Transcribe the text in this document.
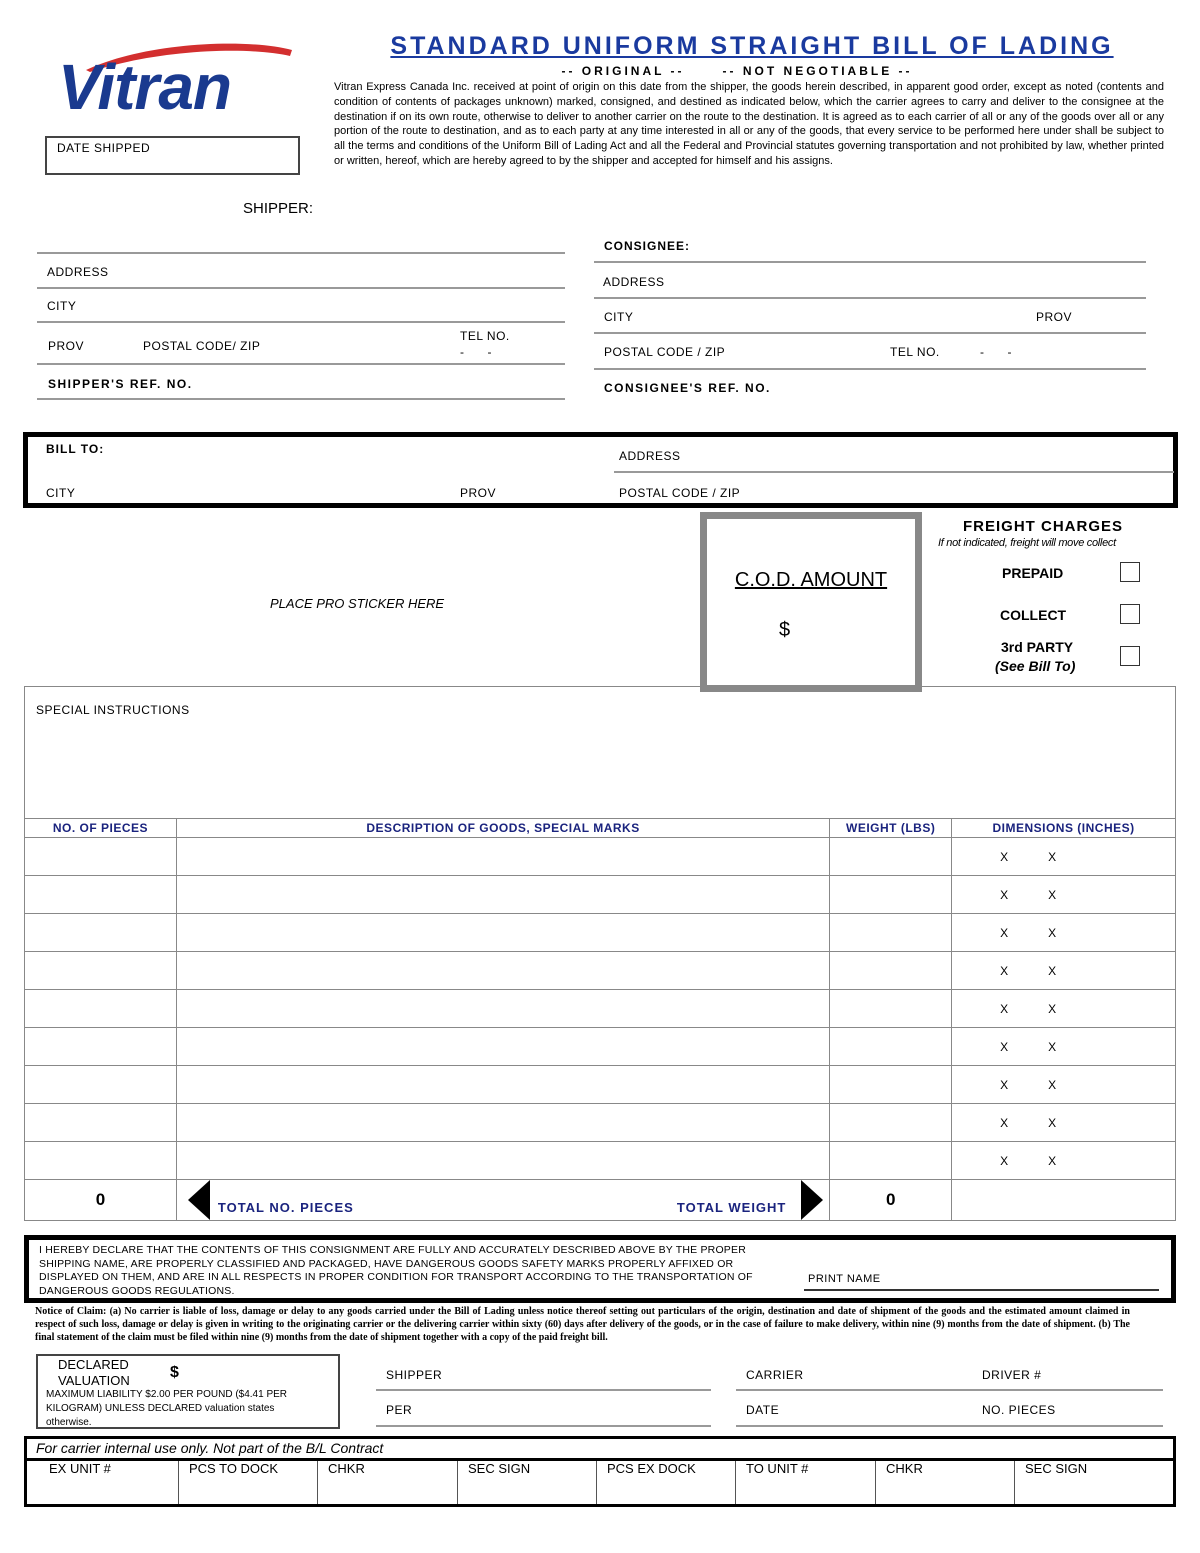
Vitran
DATE SHIPPED
STANDARD UNIFORM STRAIGHT BILL OF LADING
-- ORIGINAL --      -- NOT NEGOTIABLE --
Vitran Express Canada Inc. received at point of origin on this date from the shipper, the goods herein described, in apparent good order, except as noted (contents and condition of contents of packages unknown) marked, consigned, and destined as indicated below, which the carrier agrees to carry and deliver to the consignee at the destination if on its own route, otherwise to deliver to another carrier on the route to the destination. It is agreed as to each carrier of all or any of the goods over all or any portion of the route to destination, and as to each party at any time interested in all or any of the goods, that every service to be performed here under shall be subject to all the terms and conditions of the Uniform Bill of Lading Act and all the Federal and Provincial statutes governing transportation and not prohibited by law, whether printed or written, hereof, which are hereby agreed to by the shipper and accepted for himself and his assigns.
SHIPPER:
ADDRESS
CITY
PROV	POSTAL CODE/ ZIP
TEL NO.
-      -
SHIPPER'S REF. NO.
CONSIGNEE:
ADDRESS
CITY	PROV
POSTAL CODE / ZIP	TEL NO.	-      -
CONSIGNEE'S REF. NO.
BILL TO:	ADDRESS
CITY	PROV	POSTAL CODE / ZIP
PLACE PRO STICKER HERE
C.O.D. AMOUNT
$
FREIGHT CHARGES
If not indicated, freight will move collect
PREPAID
COLLECT
3rd PARTY
(See Bill To)
SPECIAL INSTRUCTIONS
NO. OF PIECES	DESCRIPTION OF GOODS, SPECIAL MARKS	WEIGHT (LBS)	DIMENSIONS (INCHES)
			X X
			X X
			X X
			X X
			X X
			X X
			X X
			X X
			X X
0	TOTAL NO. PIECES TOTAL WEIGHT	0	
I HEREBY DECLARE THAT THE CONTENTS OF THIS CONSIGNMENT ARE FULLY AND ACCURATELY DESCRIBED ABOVE BY THE PROPER SHIPPING NAME, ARE PROPERLY CLASSIFIED AND PACKAGED, HAVE DANGEROUS GOODS SAFETY MARKS PROPERLY AFFIXED OR DISPLAYED ON THEM, AND ARE IN ALL RESPECTS IN PROPER CONDITION FOR TRANSPORT ACCORDING TO THE TRANSPORTATION OF DANGEROUS GOODS REGULATIONS.
PRINT NAME
Notice of Claim: (a) No carrier is liable of loss, damage or delay to any goods carried under the Bill of Lading unless notice thereof setting out particulars of the origin, destination and date of shipment of the goods and the estimated amount claimed in respect of such loss, damage or delay is given in writing to the originating carrier or the delivering carrier within sixty (60) days after delivery of the goods, or in the case of failure to make delivery, within nine (9) months from the date of shipment. (b) The final statement of the claim must be filed within nine (9) months from the date of shipment together with a copy of the paid freight bill.
DECLARED
VALUATION	$
MAXIMUM LIABILITY $2.00 PER POUND ($4.41 PER KILOGRAM) UNLESS DECLARED valuation states otherwise.
SHIPPER
PER
CARRIER	DRIVER #
DATE	NO. PIECES
For carrier internal use only. Not part of the B/L Contract
EX UNIT #	PCS TO DOCK	CHKR	SEC SIGN	PCS EX DOCK	TO UNIT #	CHKR	SEC SIGN
